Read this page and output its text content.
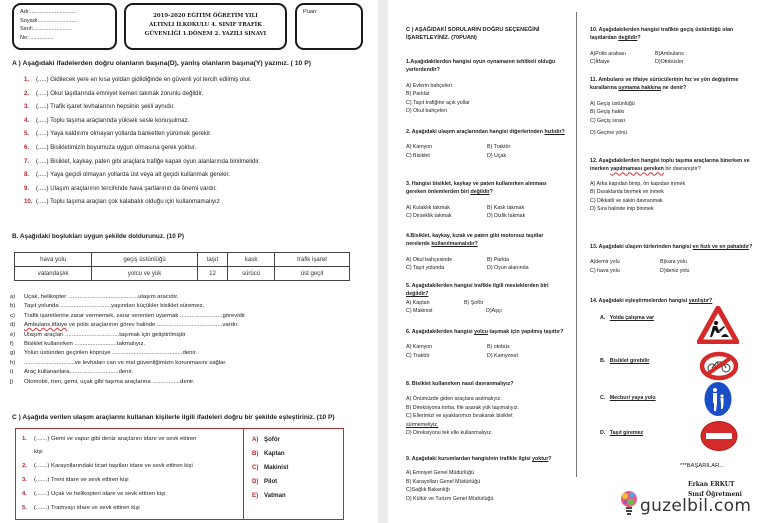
Adı:..............................
Soyadı:.........................
Sınıf:.........................
No: ...............
2019-2020 EĞİTİM ÖĞRETİM YILI
ALTINLI İLKOKULU 4. SINIF TRAFİK
GÜVENLİĞİ 1.DÖNEM 2. YAZILI SINAVI
Puan:
A ) Aşağıdaki ifadelerden doğru olanların başına(D), yanlış olanların başına(Y) yazınız. ( 10 P)
1. (.....) Gidilecek yere en kısa yoldan gidildiğinde en güvenli yol tercih edilmiş olur.
2. (.....) Okul taşıtlarında emniyet kemeri takmak zorunlu değildir.
3. (.....) Trafik işaret levhalarının hepsinin şekli aynıdır.
4. (.....) Toplu taşıma araçlarında yüksek sesle konuşulmaz.
5. (.....) Yaya kaldırımı olmayan yollarda banketten yürümek gerekir.
6. (.....) Bisikletimizin boyumuza uygun olmasına gerek yoktur.
7. (.....) Bisiklet, kaykay, paten gibi araçlara trafiğe kapalı oyun alanlarında binilmelidir.
8. (.....) Yaya geçidi olmayan yollarda üst veya alt geçidi kullanmak gerekir.
9. (.....) Ulaşım araçlarının tercihinde hava şartlarının da önemi vardır.
10. (.....) Toplu taşıma araçları çok kalabalık olduğu için kullanmamalıyız
B. Aşağıdaki boşlukları uygun şekilde doldurunuz. (10 P)
hava yolu	geçiş üstünlüğü	taşıt	kask	trafik işaret
vatandaşlık	yolcu ve yük	12	sürücü	üst geçit
a) Uçak, helikopter ...........................................ulaşım aracıdır.
b) Taşıt yolunda ...............................yaşından küçükler bisiklet süremez.
c) Trafik işaretlerine zarar vermemek, zarar verenleri uyarmak ..........................görevidir.
d) Ambulans,itfaiye ve polis araçlarının görev halinde ........................................vardır.
e) Ulaşım araçları .................................taşımak için geliştirilmiştir
f) Bisiklet kullanırken ..........................takmalıyız.
g) Yolun üstünden geçirilen köprüye ...........................................denir.
h) ...............................ve levhaları can ve mal güvenliğimizin korunmasını sağlar.
i) Araç kullananlara..............................denir.
j) Otomobil, tren, gemi, uçak gibi taşıma araçlarına .................denir.
C ) Aşağıda verilen ulaşım araçlarını kullanan kişilerle ilgili ifadeleri doğru bir şekilde eşleştiriniz. (10 P)
1. (.......) Gemi ve vapur gibi deniz araçlarını idare ve sevk ettiren
kişi
2. (.......) Karayollarındaki ticari taşıtları idare ve sevk ettiren kişi
3. (.......) Treni idare ve sevk ettiren kişi
4. (.......) Uçak ve helikopteri idare ve sevk ettiren kişi
5. (.......) Tramvayı idare ve sevk ettiren kişi
A) Şoför
B) Kaptan
C) Makinist
D) Pilot
E) Vatman
C ) AŞAĞIDAKİ SORULARIN DOĞRU SEÇENEĞİNİ
İŞARETLEYİNİZ. (70PUAN)
1.Aşağıdakilerden hangisi oyun oynamanın tehlikeli olduğu yerlerdendir?
A) Evlerin bahçeleri
B) Parklar
C) Taşıt trafiğine açık yollar
D) Okul bahçeleri
2. Aşağıdaki ulaşım araçlarından hangisi diğerlerinden hızlıdır?
A) Kamyon	B) Traktör
C) Bisiklet	D) Uçak
3. Hangisi bisiklet, kaykay ve paten kullanırken alınması gereken önlemlerden biri değildir?
A) Kulaklık takmak	B) Kask takmak
C) Dirseklik takmak	D) Dizlik takmak
4.Bisiklet, kaykay, kızak ve paten gibi motorsuz taşıtlar nerelerde kullanılmamalıdır?
A) Okul bahçesinde	B) Parkta
C) Taşıt yolunda	D) Oyun alanında
5. Aşağıdakilerden hangisi trafikle ilgili mesleklerden biri değildir?
A) Kaptan	B) Şoför
C) Makinist	D)Aşçı
6. Aşağıdakilerden hangisi yolcu taşımak için yapılmış taşıttır?
A) Kamyon	B) otobüs
C) Traktör	D) Kamyonet
8. Bisiklet kullanırken nasıl davranmalıyız?
A) Önümüzde giden araçlara asılmalıyız.
B) Direksiyona torba, file asarak yük taşımalıyız.
C) Ellerimizi ve ayaklarımızı bırakarak bisiklet
sürmemeliyiz.
D) Direksiyonu tek elle kullanmalıyız.
9. Aşağıdaki kurumlardan hangisinin trafikle ilgisi yoktur?
A) Emniyet Genel Müdürlüğü
B) Karayolları Genel Müdürlüğü
C)Sağlık Bakanlığı
D) Kültür ve Turizm Genel Müdürlüğü
10. Aşağıdakilerden hangisi trafikte geçiş üstünlüğü olan taşıtlardan değildir?
A)Polis arabası	B)Ambulans
C)İtfaiye	D)Otobüsler
11. Ambulans ve itfaiye sürücülerinin hız ve yön değiştirme kurallarına uymama hakkına ne denir?
A) Geçiş üstünlüğü
B) Geçiş hakkı
C) Geçiş sırası
D) Geçme yönü
12. Aşağıdakilerden hangisi toplu taşıma araçlarına binerken ve inerken yapılmaması gereken bir davranıştır?
A) Arka kapıdan binip, ön kapıdan inmek
B) Duraklarda binmek ve inmek
C) Dikkatli ve sakin davranmak
D) Sıra halinde inip binmek
13. Aşağıdaki ulaşım türlerinden hangisi en hızlı ve en pahalıdır?
A)demir yolu	B)kara yolu
C) hava yolu	D)deniz yolu
14. Aşağıdaki eşleştirmelerden hangisi yanlıştır?
A. Yolda çalışma var
B. Bisiklet girebilir
C. Mecburi yaya yolu
D. Taşıt giremez
***BAŞARILAR...
Erkan ERKUT
Sınıf Öğretmeni
guzelbil.com
